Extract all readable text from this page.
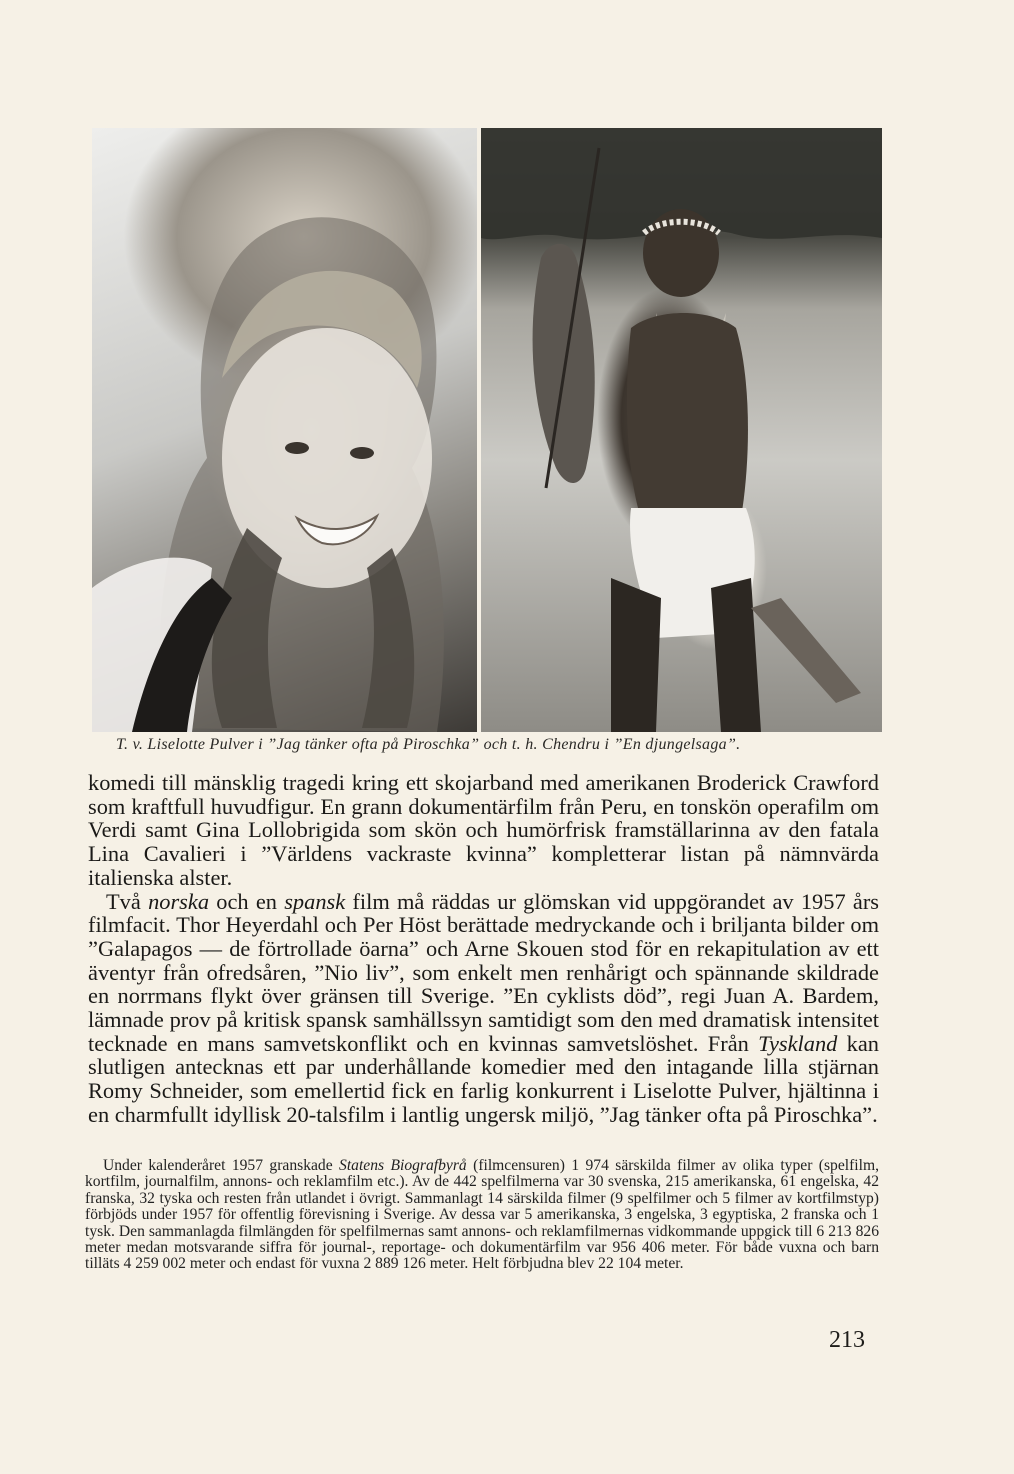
T. v. Liselotte Pulver i ”Jag tänker ofta på Piroschka” och t. h. Chendru i ”En djungelsaga”.

komedi till mänsklig tragedi kring ett skojarband med amerikanen Broderick Crawford som kraftfull huvudfigur. En grann dokumentärfilm från Peru, en tonskön operafilm om Verdi samt Gina Lollobrigida som skön och humörfrisk framställarinna av den fatala Lina Cavalieri i ”Världens vackraste kvinna” kompletterar listan på nämnvärda italienska alster.

Två norska och en spansk film må räddas ur glömskan vid uppgörandet av 1957 års filmfacit. Thor Heyerdahl och Per Höst berättade medryckande och i briljanta bilder om ”Galapagos — de förtrollade öarna” och Arne Skouen stod för en rekapitulation av ett äventyr från ofredsåren, ”Nio liv”, som enkelt men renhårigt och spännande skildrade en norrmans flykt över gränsen till Sverige. ”En cyklists död”, regi Juan A. Bardem, lämnade prov på kritisk spansk samhällssyn samtidigt som den med dramatisk intensitet tecknade en mans samvetskonflikt och en kvinnas samvetslöshet. Från Tyskland kan slutligen antecknas ett par underhållande komedier med den intagande lilla stjärnan Romy Schneider, som emellertid fick en farlig konkurrent i Liselotte Pulver, hjältinna i en charmfullt idyllisk 20-talsfilm i lantlig ungersk miljö, ”Jag tänker ofta på Piroschka”.

Under kalenderåret 1957 granskade Statens Biografbyrå (filmcensuren) 1 974 särskilda filmer av olika typer (spelfilm, kortfilm, journalfilm, annons- och reklamfilm etc.). Av de 442 spelfilmerna var 30 svenska, 215 amerikanska, 61 engelska, 42 franska, 32 tyska och resten från utlandet i övrigt. Sammanlagt 14 särskilda filmer (9 spelfilmer och 5 filmer av kortfilmstyp) förbjöds under 1957 för offentlig förevisning i Sverige. Av dessa var 5 amerikanska, 3 engelska, 3 egyptiska, 2 franska och 1 tysk. Den sammanlagda filmlängden för spelfilmernas samt annons- och reklamfilmernas vidkommande uppgick till 6 213 826 meter medan motsvarande siffra för journal-, reportage- och dokumentärfilm var 956 406 meter. För både vuxna och barn tilläts 4 259 002 meter och endast för vuxna 2 889 126 meter. Helt förbjudna blev 22 104 meter.

213
